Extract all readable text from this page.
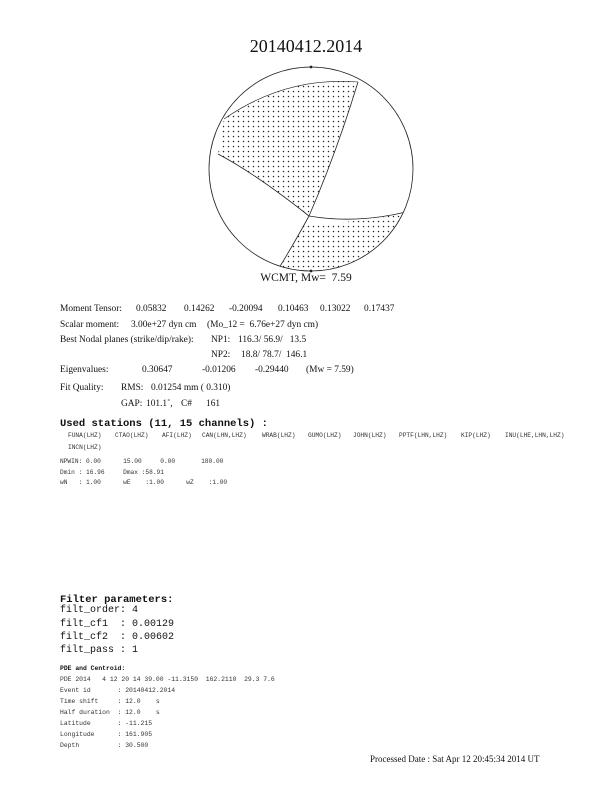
20140412.2014
WCMT, Mw=  7.59
Moment Tensor: 0.05832 0.14262 -0.20094 0.10463 0.13022 0.17437
Scalar moment: 3.00e+27 dyn cm (Mo_12 =  6.76e+27 dyn cm)
Best Nodal planes (strike/dip/rake): NP1: 116.3/ 56.9/   13.5
NP2: 18.8/ 78.7/  146.1
Eigenvalues:	0.30647	-0.01206 -0.29440 (Mw = 7.59)
Fit Quality: RMS: 0.01254 mm ( 0.310)
GAP: 101.1˚, C# 161
Used stations (11, 15 channels) :
FUNA(LHZ) CTAO(LHZ) AFI(LHZ) CAN(LHN,LHZ) WRAB(LHZ) GUMO(LHZ) JOHN(LHZ) PPTF(LHN,LHZ) KIP(LHZ) INU(LHE,LHN,LHZ)
INCN(LHZ)
NPWIN: 0.00      15.00     0.00       180.00
Dmin : 16.96     Dmax :58.91
wN   : 1.00      wE    :1.00      wZ    :1.00
Filter parameters:
filt_order: 4
filt_cf1  : 0.00129
filt_cf2  : 0.00602
filt_pass : 1
PDE and Centroid:
PDE 2014   4 12 20 14 39.00 -11.3150  162.2110  29.3 7.6
Event id       : 20140412.2014
Time shift     : 12.0    s
Half duration  : 12.0    s
Latitude       : -11.215
Longitude      : 161.905
Depth          : 30.500
Processed Date : Sat Apr 12 20:45:34 2014 UT
